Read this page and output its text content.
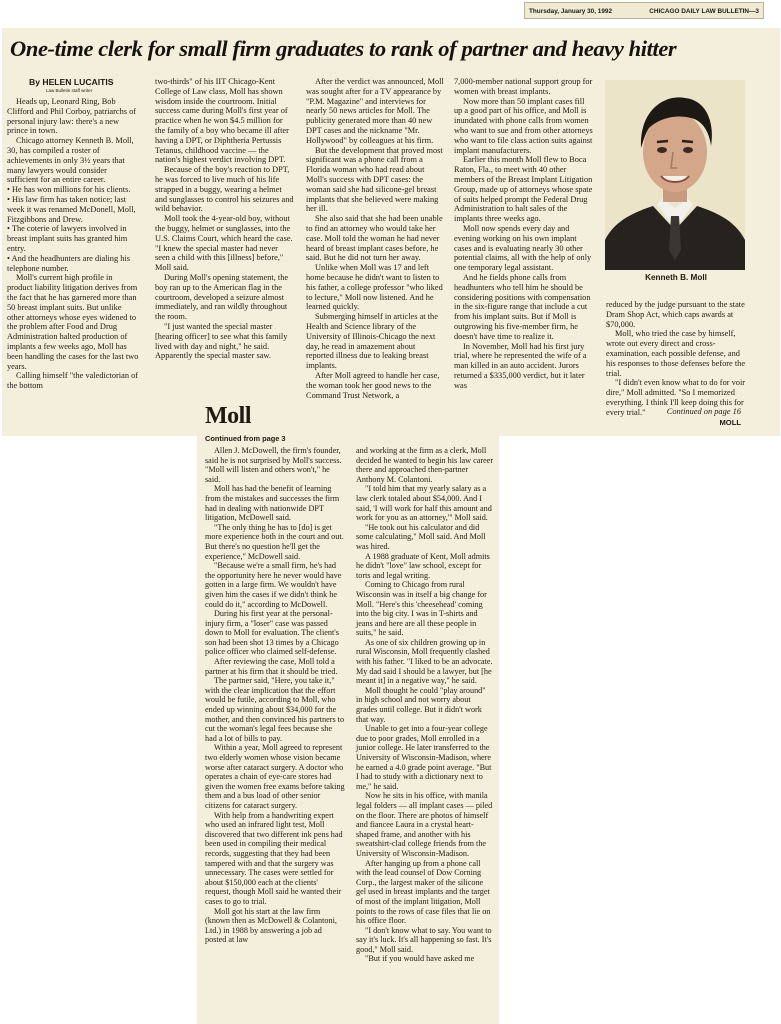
Thursday, January 30, 1992	CHICAGO DAILY LAW BULLETIN—3
One-time clerk for small firm graduates to rank of partner and heavy hitter
By HELEN LUCAITIS
Law Bulletin staff writer

Heads up, Leonard Ring, Bob Clifford and Phil Corboy, patriarchs of personal injury law: there's a new prince in town.

Chicago attorney Kenneth B. Moll, 30, has compiled a roster of achievements in only 3½ years that many lawyers would consider sufficient for an entire career.

• He has won millions for his clients.

• His law firm has taken notice; last week it was renamed McDonell, Moll, Fitzgibbons and Drew.

• The coterie of lawyers involved in breast implant suits has granted him entry.

• And the headhunters are dialing his telephone number.

Moll's current high profile in product liability litigation derives from the fact that he has garnered more than 50 breast implant suits. But unlike other attorneys whose eyes widened to the problem after Food and Drug Administration halted production of implants a few weeks ago, Moll has been handling the cases for the last two years.

Calling himself "the valedictorian of the bottom

two-thirds" of his IIT Chicago-Kent College of Law class, Moll has shown wisdom inside the courtroom. Initial success came during Moll's first year of practice when he won $4.5 million for the family of a boy who became ill after having a DPT, or Diphtheria Pertussis Tetanus, childhood vaccine — the nation's highest verdict involving DPT.

Because of the boy's reaction to DPT, he was forced to live much of his life strapped in a buggy, wearing a helmet and sunglasses to control his seizures and wild behavior.

Moll took the 4-year-old boy, without the buggy, helmet or sunglasses, into the U.S. Claims Court, which heard the case. "I knew the special master had never seen a child with this [illness] before," Moll said.

During Moll's opening statement, the boy ran up to the American flag in the courtroom, developed a seizure almost immediately, and ran wildly throughout the room.

"I just wanted the special master [hearing officer] to see what this family lived with day and night," he said. Apparently the special master saw.

After the verdict was announced, Moll was sought after for a TV appearance by "P.M. Magazine" and interviews for nearly 50 news articles for Moll. The publicity generated more than 40 new DPT cases and the nickname "Mr. Hollywood" by colleagues at his firm.

But the development that proved most significant was a phone call from a Florida woman who had read about Moll's success with DPT cases: the woman said she had silicone-gel breast implants that she believed were making her ill.

She also said that she had been unable to find an attorney who would take her case. Moll told the woman he had never heard of breast implant cases before, he said. But he did not turn her away.

Unlike when Moll was 17 and left home because he didn't want to listen to his father, a college professor "who liked to lecture," Moll now listened. And he learned quickly.

Submerging himself in articles at the Health and Science library of the University of Illinois-Chicago the next day, he read in amazement about reported illness due to leaking breast implants.

After Moll agreed to handle her case, the woman took her good news to the Command Trust Network, a

7,000-member national support group for women with breast implants.

Now more than 50 implant cases fill up a good part of his office, and Moll is inundated with phone calls from women who want to sue and from other attorneys who want to file class action suits against implant manufacturers.

Earlier this month Moll flew to Boca Raton, Fla., to meet with 40 other members of the Breast Implant Litigation Group, made up of attorneys whose spate of suits helped prompt the Federal Drug Administration to halt sales of the implants three weeks ago.

Moll now spends every day and evening working on his own implant cases and is evaluating nearly 30 other potential claims, all with the help of only one temporary legal assistant.

And he fields phone calls from headhunters who tell him he should be considering positions with compensation in the six-figure range that include a cut from his implant suits. But if Moll is outgrowing his five-member firm, he doesn't have time to realize it.

In November, Moll had his first jury trial, where he represented the wife of a man killed in an auto accident. Jurors returned a $335,000 verdict, but it later was

Kenneth B. Moll

reduced by the judge pursuant to the state Dram Shop Act, which caps awards at $70,000.

Moll, who tried the case by himself, wrote out every direct and cross-examination, each possible defense, and his responses to those defenses before the trial.

"I didn't even know what to do for voir dire," Moll admitted. "So I memorized everything. I think I'll keep doing this for every trial."	Continued on page 16
MOLL
Moll
Continued from page 3

Allen J. McDowell, the firm's founder, said he is not surprised by Moll's success. "Moll will listen and others won't," he said.

Moll has had the benefit of learning from the mistakes and successes the firm had in dealing with nationwide DPT litigation, McDowell said.

"The only thing he has to [do] is get more experience both in the court and out. But there's no question he'll get the experience," McDowell said.

"Because we're a small firm, he's had the opportunity here he never would have gotten in a large firm. We wouldn't have given him the cases if we didn't think he could do it," according to McDowell.

During his first year at the personal-injury firm, a "loser" case was passed down to Moll for evaluation. The client's son had been shot 13 times by a Chicago police officer who claimed self-defense.

After reviewing the case, Moll told a partner at his firm that it should be tried.

The partner said, "Here, you take it," with the clear implication that the effort would be futile, according to Moll, who ended up winning about $34,000 for the mother, and then convinced his partners to cut the woman's legal fees because she had a lot of bills to pay.

Within a year, Moll agreed to represent two elderly women whose vision became worse after cataract surgery. A doctor who operates a chain of eye-care stores had given the women free exams before taking them and a bus load of other senior citizens for cataract surgery.

With help from a handwriting expert who used an infrared light test, Moll discovered that two different ink pens had been used in compiling their medical records, suggesting that they had been tampered with and that the surgery was unnecessary. The cases were settled for about $150,000 each at the clients' request, though Moll said he wanted their cases to go to trial.

Moll got his start at the law firm (known then as McDowell & Colantoni, Ltd.) in 1988 by answering a job ad posted at law

and working at the firm as a clerk, Moll decided he wanted to begin his law career there and approached then-partner Anthony M. Colantoni.

"I told him that my yearly salary as a law clerk totaled about $54,000. And I said, 'I will work for half this amount and work for you as an attorney,'" Moll said.

"He took out his calculator and did some calculating," Moll said. And Moll was hired.

A 1988 graduate of Kent, Moll admits he didn't "love" law school, except for torts and legal writing.

Coming to Chicago from rural Wisconsin was in itself a big change for Moll. "Here's this 'cheesehead' coming into the big city. I was in T-shirts and jeans and here are all these people in suits," he said.

As one of six children growing up in rural Wisconsin, Moll frequently clashed with his father. "I liked to be an advocate. My dad said I should be a lawyer, but [he meant it] in a negative way," he said.

Moll thought he could "play around" in high school and not worry about grades until college. But it didn't work that way.

Unable to get into a four-year college due to poor grades, Moll enrolled in a junior college. He later transferred to the University of Wisconsin-Madison, where he earned a 4.0 grade point average. "But I had to study with a dictionary next to me," he said.

Now he sits in his office, with manila legal folders — all implant cases — piled on the floor. There are photos of himself and fiancee Laura in a crystal heart-shaped frame, and another with his sweatshirt-clad college friends from the University of Wisconsin-Madison.

After hanging up from a phone call with the lead counsel of Dow Corning Corp., the largest maker of the silicone gel used in breast implants and the target of most of the implant litigation, Moll points to the rows of case files that lie on his office floor.

"I don't know what to say. You want to say it's luck. It's all happening so fast. It's good," Moll said.

"But if you would have asked me
